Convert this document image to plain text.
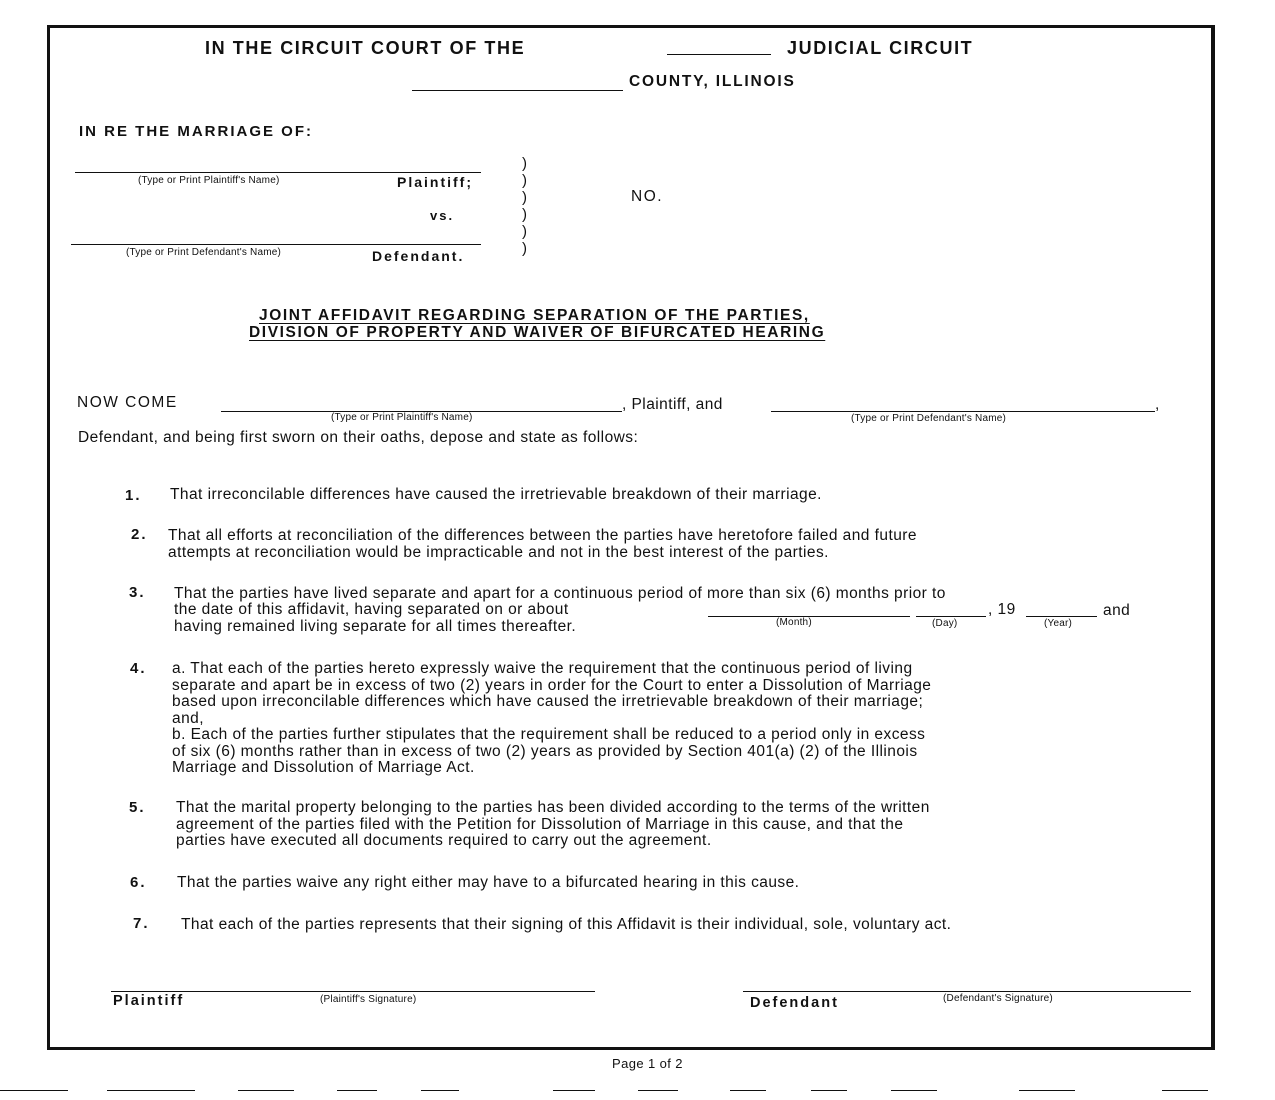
IN THE CIRCUIT COURT OF THE	JUDICIAL CIRCUIT
COUNTY, ILLINOIS
IN RE THE MARRIAGE OF:
(Type or Print Plaintiff's Name)	Plaintiff;
vs.
(Type or Print Defendant's Name)	Defendant.
)
)
)
)
)
)
NO.
JOINT AFFIDAVIT REGARDING SEPARATION OF THE PARTIES,
DIVISION OF PROPERTY AND WAIVER OF BIFURCATED HEARING
NOW COME
(Type or Print Plaintiff's Name)
, Plaintiff, and	,
(Type or Print Defendant's Name)
Defendant, and being first sworn on their oaths, depose and state as follows:
1. That irreconcilable differences have caused the irretrievable breakdown of their marriage.
2. That all efforts at reconciliation of the differences between the parties have heretofore failed and future
attempts at reconciliation would be impracticable and not in the best interest of the parties.
3. That the parties have lived separate and apart for a continuous period of more than six (6) months prior to
the date of this affidavit, having separated on or about	, 19	and
having remained living separate for all times thereafter.	(Month)	(Day)	(Year)
4. a. That each of the parties hereto expressly waive the requirement that the continuous period of living
separate and apart be in excess of two (2) years in order for the Court to enter a Dissolution of Marriage
based upon irreconcilable differences which have caused the irretrievable breakdown of their marriage;
and,
b. Each of the parties further stipulates that the requirement shall be reduced to a period only in excess
of six (6) months rather than in excess of two (2) years as provided by Section 401(a) (2) of the Illinois
Marriage and Dissolution of Marriage Act.
5. That the marital property belonging to the parties has been divided according to the terms of the written
agreement of the parties filed with the Petition for Dissolution of Marriage in this cause, and that the
parties have executed all documents required to carry out the agreement.
6. That the parties waive any right either may have to a bifurcated hearing in this cause.
7. That each of the parties represents that their signing of this Affidavit is their individual, sole, voluntary act.
Plaintiff	(Plaintiff's Signature)	Defendant	(Defendant's Signature)
Page 1 of 2
